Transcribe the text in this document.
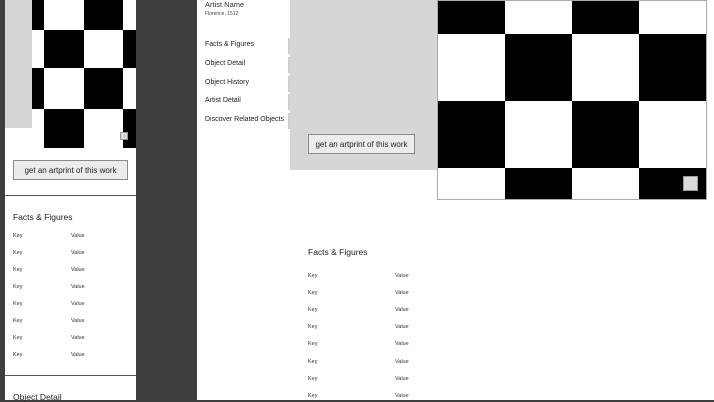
get an artprint of this work
Facts & Figures
Object Detail
Key	Value
Key	Value
Key	Value
Key	Value
Key	Value
Key	Value
Key	Value
Key	Value
Artist Name
Florence, 1512
Facts & Figures
Object Detail
Object History
Artist Detail
Discover Related Objects
get an artprint of this work
Facts & Figures
Key	Value
Key	Value
Key	Value
Key	Value
Key	Value
Key	Value
Key	Value
Key	Value
